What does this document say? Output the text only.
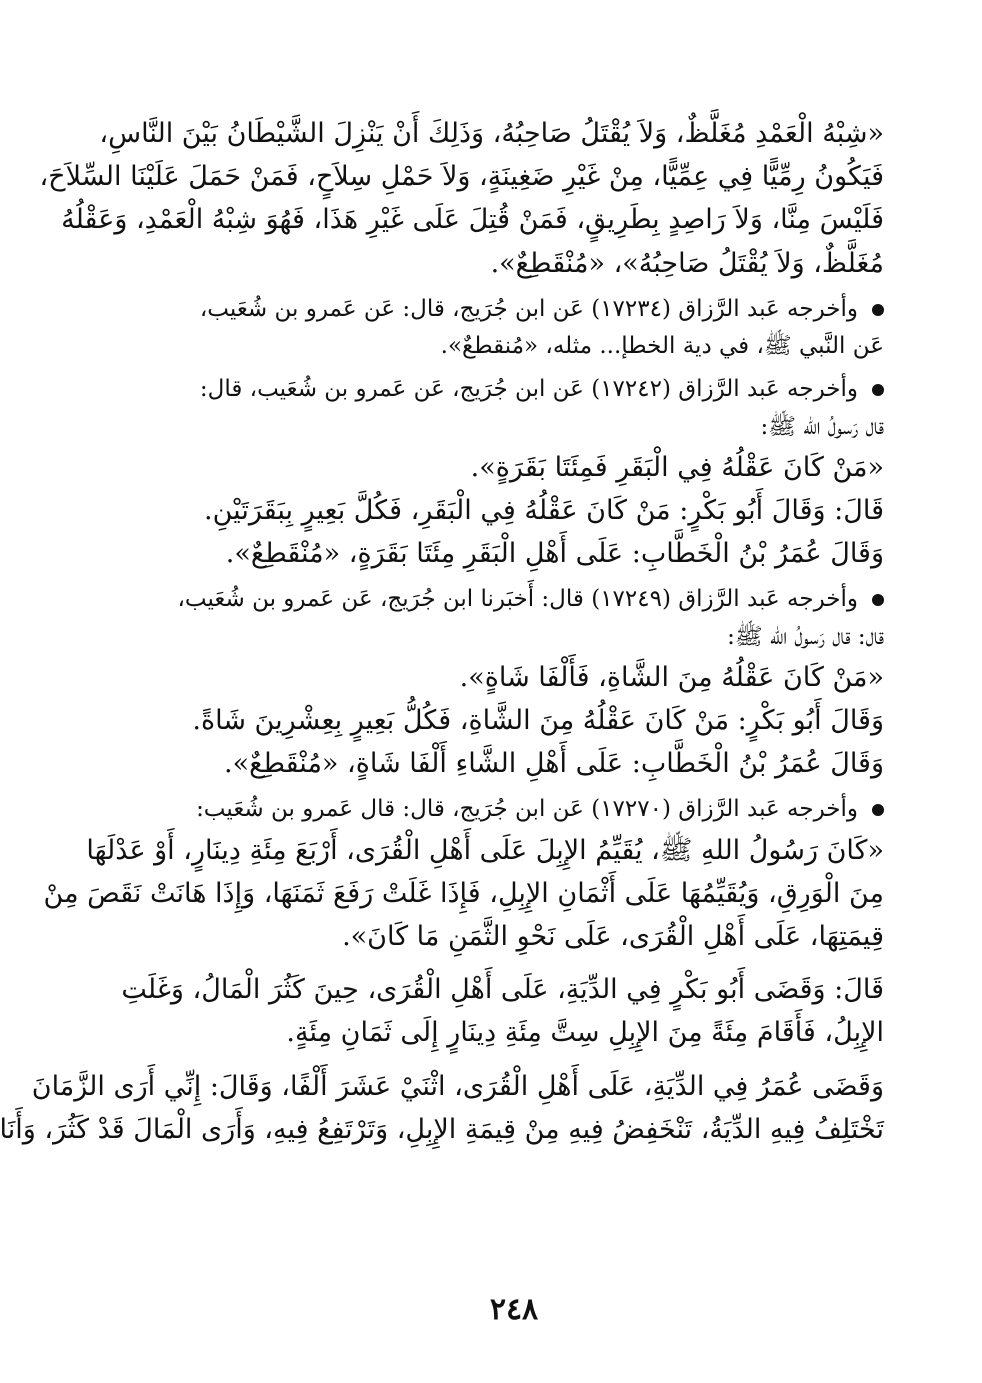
«شِبْهُ الْعَمْدِ مُغَلَّظٌ، وَلاَ يُقْتَلُ صَاحِبُهُ، وَذَلِكَ أَنْ يَنْزِلَ الشَّيْطَانُ بَيْنَ النَّاسِ،
فَيَكُونُ رِمِّيًّا فِي عِمِّيًّا، مِنْ غَيْرِ ضَغِينَةٍ، وَلاَ حَمْلِ سِلاَحٍ، فَمَنْ حَمَلَ عَلَيْنَا السِّلاَحَ،
فَلَيْسَ مِنَّا، وَلاَ رَاصِدٍ بِطَرِيقٍ، فَمَنْ قُتِلَ عَلَى غَيْرِ هَذَا، فَهُوَ شِبْهُ الْعَمْدِ، وَعَقْلُهُ
مُغَلَّظٌ، وَلاَ يُقْتَلُ صَاحِبُهُ»، «مُنْقَطِعٌ».
وأخرجه عَبد الرَّزاق (١٧٢٣٤) عَن ابن جُرَيج، قال: عَن عَمرو بن شُعَيب،
عَن النَّبي ﷺ، في دية الخطإ... مثله، «مُنقطعٌ».
وأخرجه عَبد الرَّزاق (١٧٢٤٢) عَن ابن جُرَيج، عَن عَمرو بن شُعَيب، قال:
قال رَسولُ الله ﷺ:
«مَنْ كَانَ عَقْلُهُ فِي الْبَقَرِ فَمِئَتَا بَقَرَةٍ».
قَالَ: وَقَالَ أَبُو بَكْرٍ: مَنْ كَانَ عَقْلُهُ فِي الْبَقَرِ، فَكُلَّ بَعِيرٍ بِبَقَرَتَيْنِ.
وَقَالَ عُمَرُ بْنُ الْخَطَّابِ: عَلَى أَهْلِ الْبَقَرِ مِئَتَا بَقَرَةٍ، «مُنْقَطِعٌ».
وأخرجه عَبد الرَّزاق (١٧٢٤٩) قال: أَخبَرنا ابن جُرَيج، عَن عَمرو بن شُعَيب،
قال: قال رَسولُ الله ﷺ:
«مَنْ كَانَ عَقْلُهُ مِنَ الشَّاةِ، فَأَلْفَا شَاةٍ».
وَقَالَ أَبُو بَكْرٍ: مَنْ كَانَ عَقْلُهُ مِنَ الشَّاةِ، فَكُلُّ بَعِيرٍ بِعِشْرِينَ شَاةً.
وَقَالَ عُمَرُ بْنُ الْخَطَّابِ: عَلَى أَهْلِ الشَّاءِ أَلْفَا شَاةٍ، «مُنْقَطِعٌ».
وأخرجه عَبد الرَّزاق (١٧٢٧٠) عَن ابن جُرَيج، قال: قال عَمرو بن شُعَيب:
«كَانَ رَسُولُ اللهِ ﷺ، يُقَيِّمُ الإِبِلَ عَلَى أَهْلِ الْقُرَى، أَرْبَعَ مِئَةِ دِينَارٍ، أَوْ عَدْلَهَا
مِنَ الْوَرِقِ، وَيُقَيِّمُهَا عَلَى أَثْمَانِ الإِبِلِ، فَإِذَا غَلَتْ رَفَعَ ثَمَنَهَا، وَإِذَا هَانَتْ نَقَصَ مِنْ
قِيمَتِهَا، عَلَى أَهْلِ الْقُرَى، عَلَى نَحْوِ الثَّمَنِ مَا كَانَ».
قَالَ: وَقَضَى أَبُو بَكْرٍ فِي الدِّيَةِ، عَلَى أَهْلِ الْقُرَى، حِينَ كَثُرَ الْمَالُ، وَغَلَتِ
الإِبِلُ، فَأَقَامَ مِئَةً مِنَ الإِبِلِ سِتَّ مِئَةِ دِينَارٍ إِلَى ثَمَانِ مِئَةٍ.
وَقَضَى عُمَرُ فِي الدِّيَةِ، عَلَى أَهْلِ الْقُرَى، اثْنَيْ عَشَرَ أَلْفًا، وَقَالَ: إِنِّي أَرَى الزَّمَانَ
تَخْتَلِفُ فِيهِ الدِّيَةُ، تَنْخَفِضُ فِيهِ مِنْ قِيمَةِ الإِبِلِ، وَتَرْتَفِعُ فِيهِ، وَأَرَى الْمَالَ قَدْ كَثُرَ، وَأَنَا
٢٤٨
